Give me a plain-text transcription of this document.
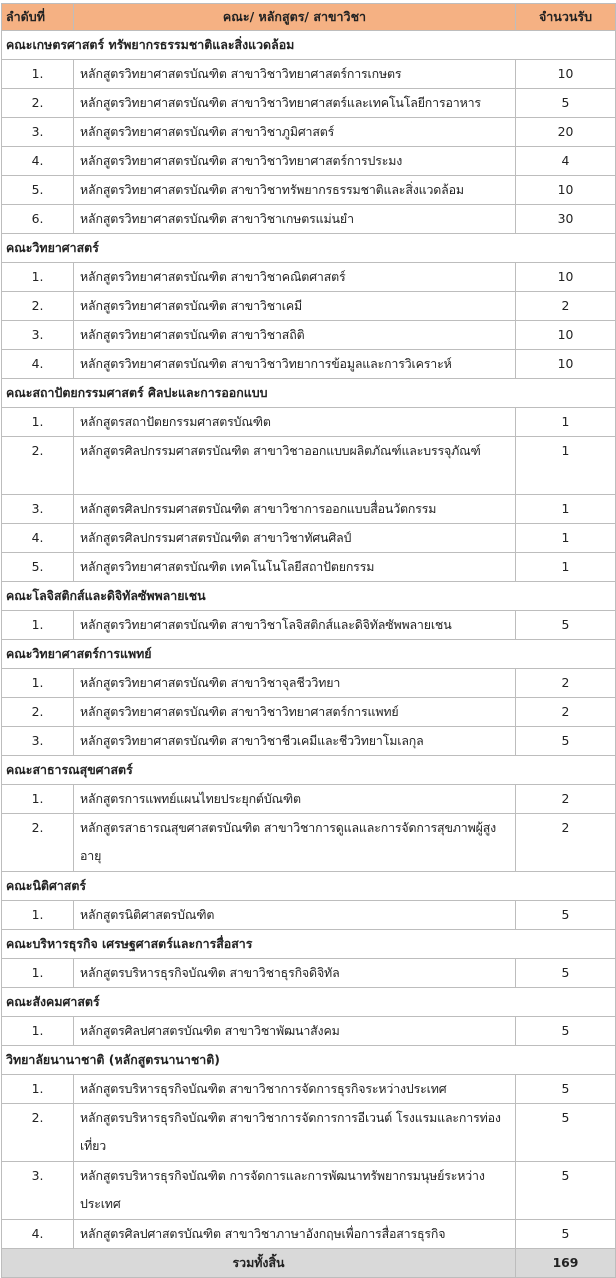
ลำดับที่	คณะ/ หลักสูตร/ สาขาวิชา	จำนวนรับ
คณะเกษตรศาสตร์ ทรัพยากรธรรมชาติและสิ่งแวดล้อม		
1.	หลักสูตรวิทยาศาสตรบัณฑิต สาขาวิชาวิทยาศาสตร์การเกษตร	10
2.	หลักสูตรวิทยาศาสตรบัณฑิต สาขาวิชาวิทยาศาสตร์และเทคโนโลยีการอาหาร	5
3.	หลักสูตรวิทยาศาสตรบัณฑิต สาขาวิชาภูมิศาสตร์	20
4.	หลักสูตรวิทยาศาสตรบัณฑิต สาขาวิชาวิทยาศาสตร์การประมง	4
5.	หลักสูตรวิทยาศาสตรบัณฑิต สาขาวิชาทรัพยากรธรรมชาติและสิ่งแวดล้อม	10
6.	หลักสูตรวิทยาศาสตรบัณฑิต สาขาวิชาเกษตรแม่นยำ	30
คณะวิทยาศาสตร์		
1.	หลักสูตรวิทยาศาสตรบัณฑิต สาขาวิชาคณิตศาสตร์	10
2.	หลักสูตรวิทยาศาสตรบัณฑิต สาขาวิชาเคมี	2
3.	หลักสูตรวิทยาศาสตรบัณฑิต สาขาวิชาสถิติ	10
4.	หลักสูตรวิทยาศาสตรบัณฑิต สาขาวิชาวิทยาการข้อมูลและการวิเคราะห์	10
คณะสถาปัตยกรรมศาสตร์ ศิลปะและการออกแบบ		
1.	หลักสูตรสถาปัตยกรรมศาสตรบัณฑิต	1
2.	หลักสูตรศิลปกรรมศาสตรบัณฑิต สาขาวิชาออกแบบผลิตภัณฑ์และบรรจุภัณฑ์	1
3.	หลักสูตรศิลปกรรมศาสตรบัณฑิต สาขาวิชาการออกแบบสื่อนวัตกรรม	1
4.	หลักสูตรศิลปกรรมศาสตรบัณฑิต สาขาวิชาทัศนศิลป์	1
5.	หลักสูตรวิทยาศาสตรบัณฑิต เทคโนโนโลยีสถาปัตยกรรม	1
คณะโลจิสติกส์และดิจิทัลซัพพลายเชน		
1.	หลักสูตรวิทยาศาสตรบัณฑิต สาขาวิชาโลจิสติกส์และดิจิทัลซัพพลายเชน	5
คณะวิทยาศาสตร์การแพทย์		
1.	หลักสูตรวิทยาศาสตรบัณฑิต สาขาวิชาจุลชีววิทยา	2
2.	หลักสูตรวิทยาศาสตรบัณฑิต สาขาวิชาวิทยาศาสตร์การแพทย์	2
3.	หลักสูตรวิทยาศาสตรบัณฑิต สาขาวิชาชีวเคมีและชีววิทยาโมเลกุล	5
คณะสาธารณสุขศาสตร์		
1.	หลักสูตรการแพทย์แผนไทยประยุกต์บัณฑิต	2
2.	หลักสูตรสาธารณสุขศาสตรบัณฑิต สาขาวิชาการดูแลและการจัดการสุขภาพผู้สูงอายุ	2
คณะนิติศาสตร์		
1.	หลักสูตรนิติศาสตรบัณฑิต	5
คณะบริหารธุรกิจ เศรษฐศาสตร์และการสื่อสาร		
1.	หลักสูตรบริหารธุรกิจบัณฑิต สาขาวิชาธุรกิจดิจิทัล	5
คณะสังคมศาสตร์		
1.	หลักสูตรศิลปศาสตรบัณฑิต สาขาวิชาพัฒนาสังคม	5
วิทยาลัยนานาชาติ (หลักสูตรนานาชาติ)		
1.	หลักสูตรบริหารธุรกิจบัณฑิต สาขาวิชาการจัดการธุรกิจระหว่างประเทศ	5
2.	หลักสูตรบริหารธุรกิจบัณฑิต สาขาวิชาการจัดการการอีเวนต์ โรงแรมและการท่องเที่ยว	5
3.	หลักสูตรบริหารธุรกิจบัณฑิต การจัดการและการพัฒนาทรัพยากรมนุษย์ระหว่างประเทศ	5
4.	หลักสูตรศิลปศาสตรบัณฑิต สาขาวิชาภาษาอังกฤษเพื่อการสื่อสารธุรกิจ	5
รวมทั้งสิ้น		169
